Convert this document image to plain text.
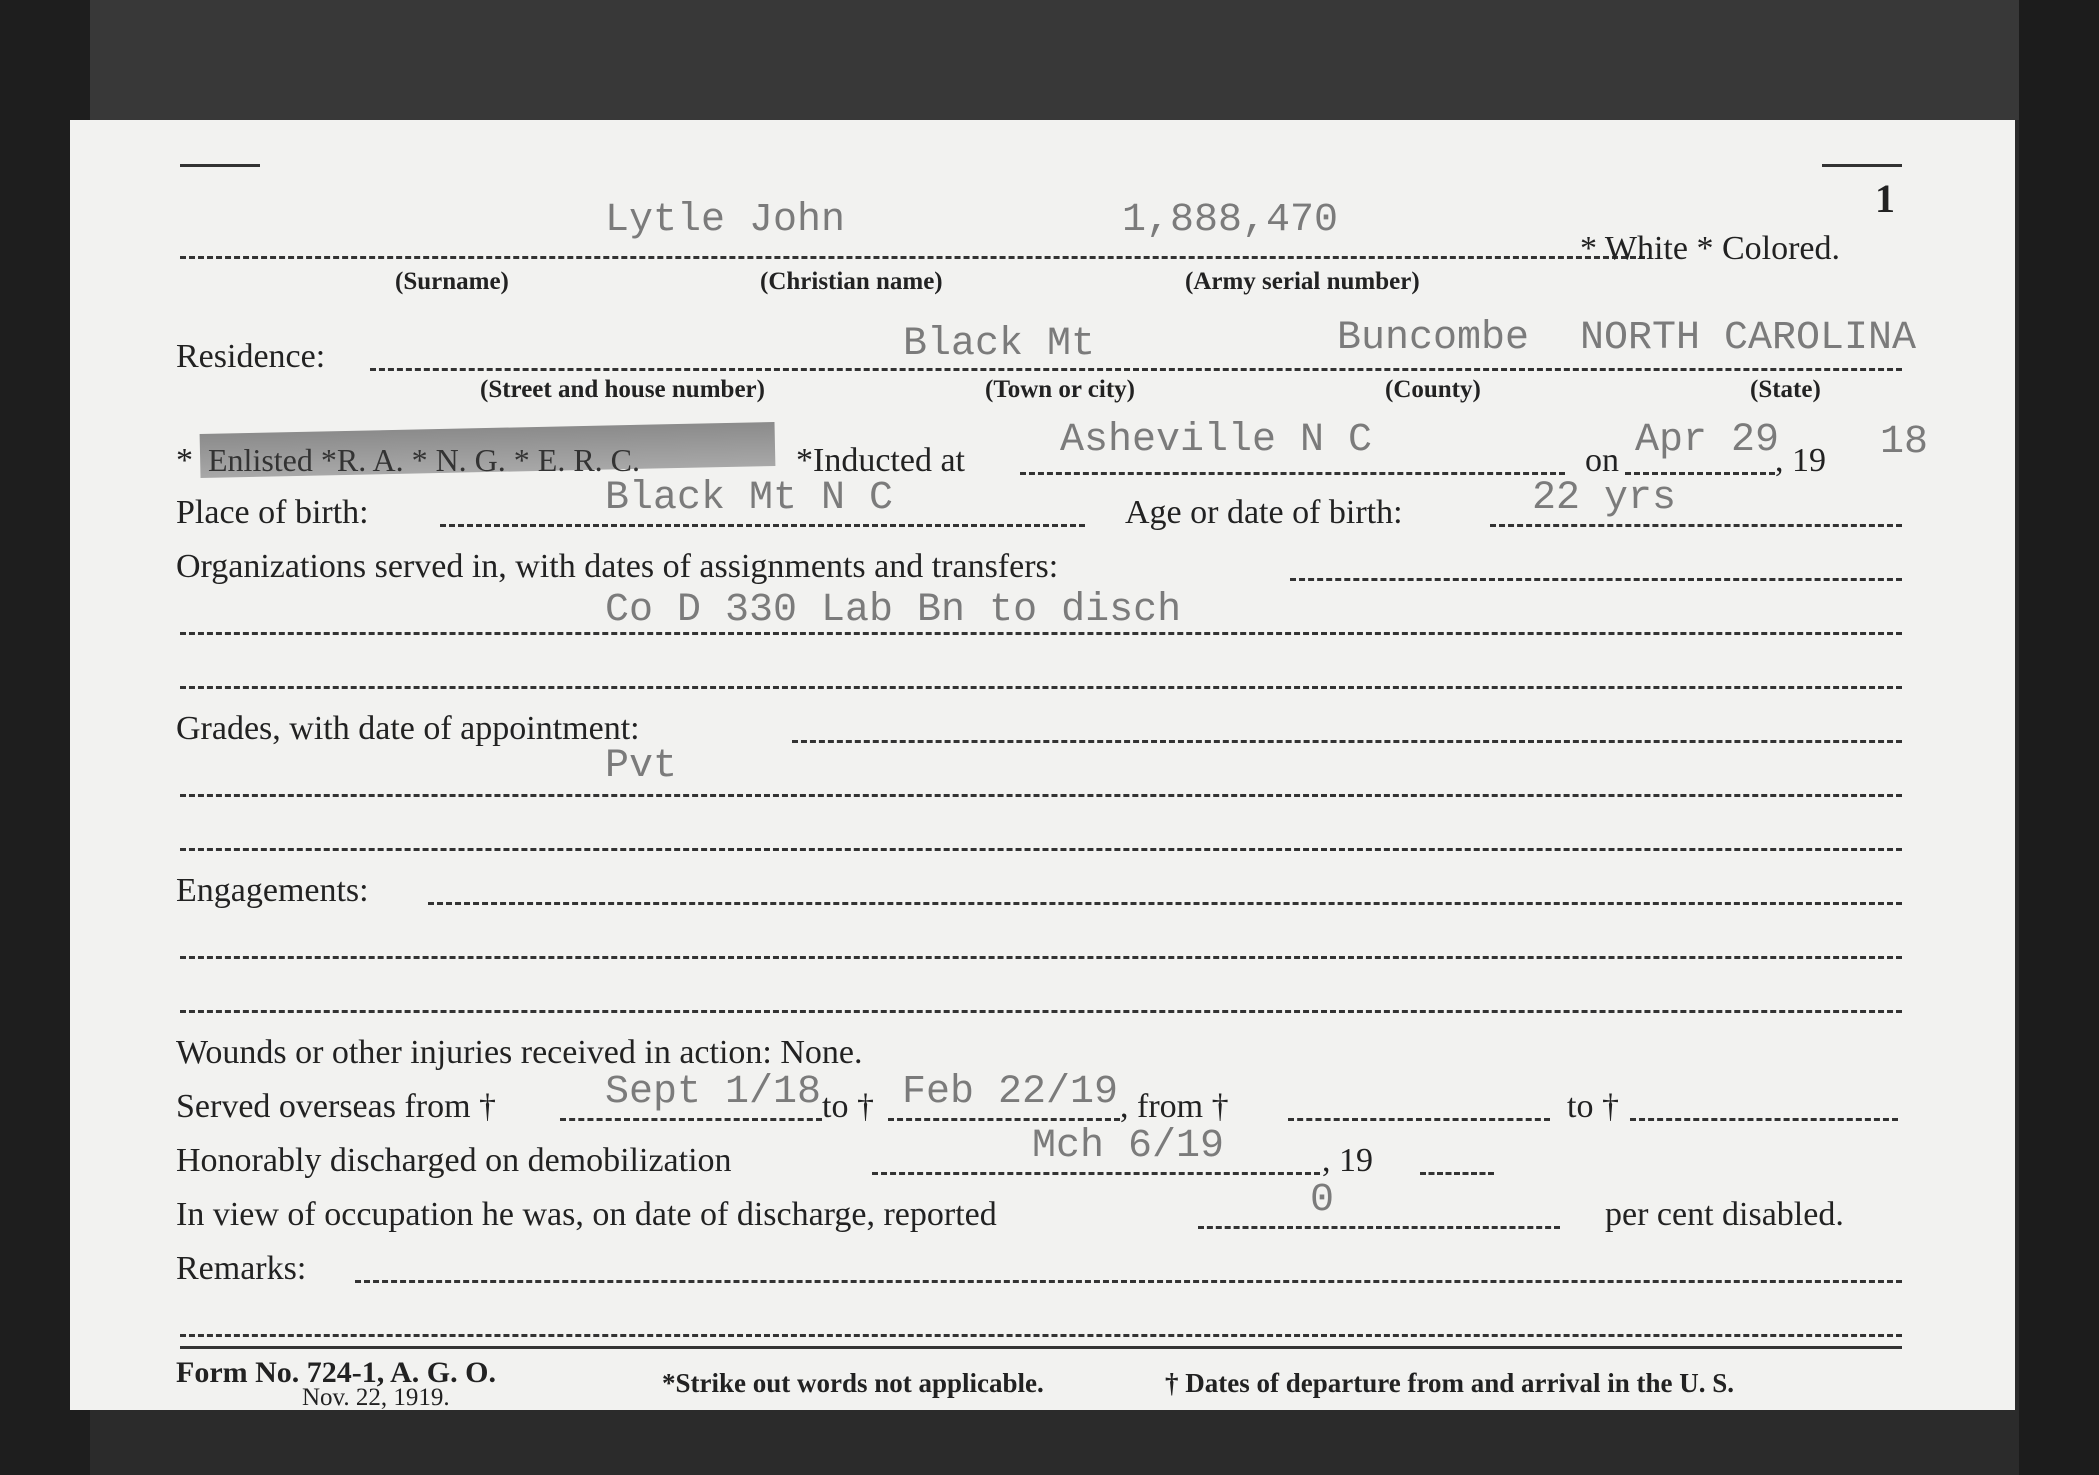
1
Lytle John	1,888,470
* White * Colored.
(Surname)	(Christian name)	(Army serial number)
Residence:	Black Mt	Buncombe NORTH CAROLINA
(Street and house number)	(Town or city)	(County)	(State)
* Enlisted *R. A. * N. G. * E. R. C.	*Inducted at Asheville N C	on Apr 29
, 19 18
Place of birth:	Black Mt N C	Age or date of birth:	22 yrs
Organizations served in, with dates of assignments and transfers:
Co D 330 Lab Bn to disch
Grades, with date of appointment:
Pvt
Engagements:
Wounds or other injuries received in action: None.
Served overseas from †	Sept 1/18 to † Feb 22/19 , from †	to †
Honorably discharged on demobilization	Mch 6/19	, 19
In view of occupation he was, on date of discharge, reported	0	per cent disabled.
Remarks:
Form No. 724-1, A. G. O.
Nov. 22, 1919.	*Strike out words not applicable.	† Dates of departure from and arrival in the U. S.
